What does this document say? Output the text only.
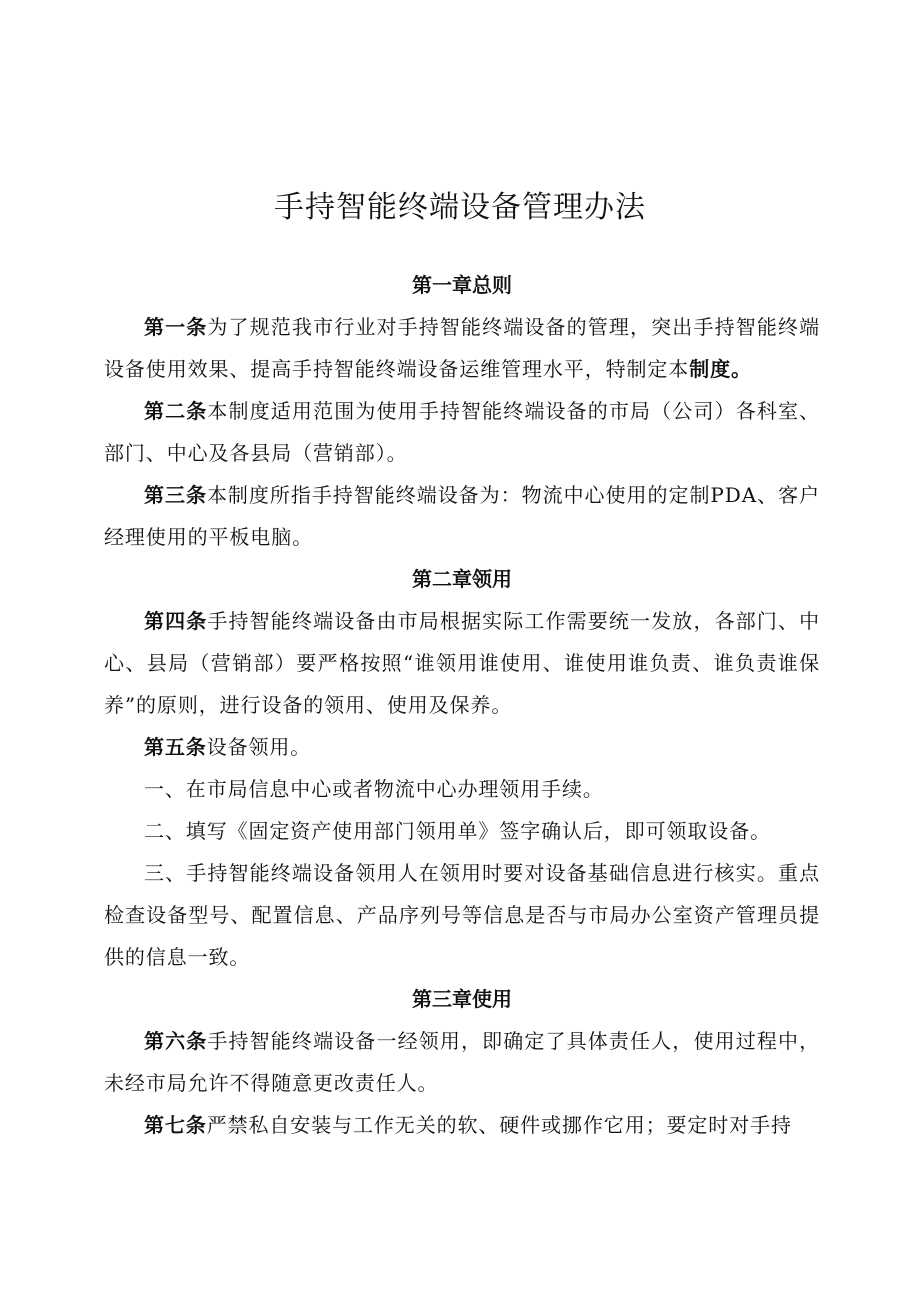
手持智能终端设备管理办法

第一章总则

第一条为了规范我市行业对手持智能终端设备的管理，突出手持智能终端设备使用效果、提高手持智能终端设备运维管理水平，特制定本制度。

第二条本制度适用范围为使用手持智能终端设备的市局（公司）各科室、部门、中心及各县局（营销部）。

第三条本制度所指手持智能终端设备为：物流中心使用的定制PDA、客户经理使用的平板电脑。

第二章领用

第四条手持智能终端设备由市局根据实际工作需要统一发放，各部门、中心、县局（营销部）要严格按照“谁领用谁使用、谁使用谁负责、谁负责谁保养”的原则，进行设备的领用、使用及保养。

第五条设备领用。

一、在市局信息中心或者物流中心办理领用手续。

二、填写《固定资产使用部门领用单》签字确认后，即可领取设备。

三、手持智能终端设备领用人在领用时要对设备基础信息进行核实。重点检查设备型号、配置信息、产品序列号等信息是否与市局办公室资产管理员提供的信息一致。

第三章使用

第六条手持智能终端设备一经领用，即确定了具体责任人，使用过程中，未经市局允许不得随意更改责任人。

第七条严禁私自安装与工作无关的软、硬件或挪作它用；要定时对手持
